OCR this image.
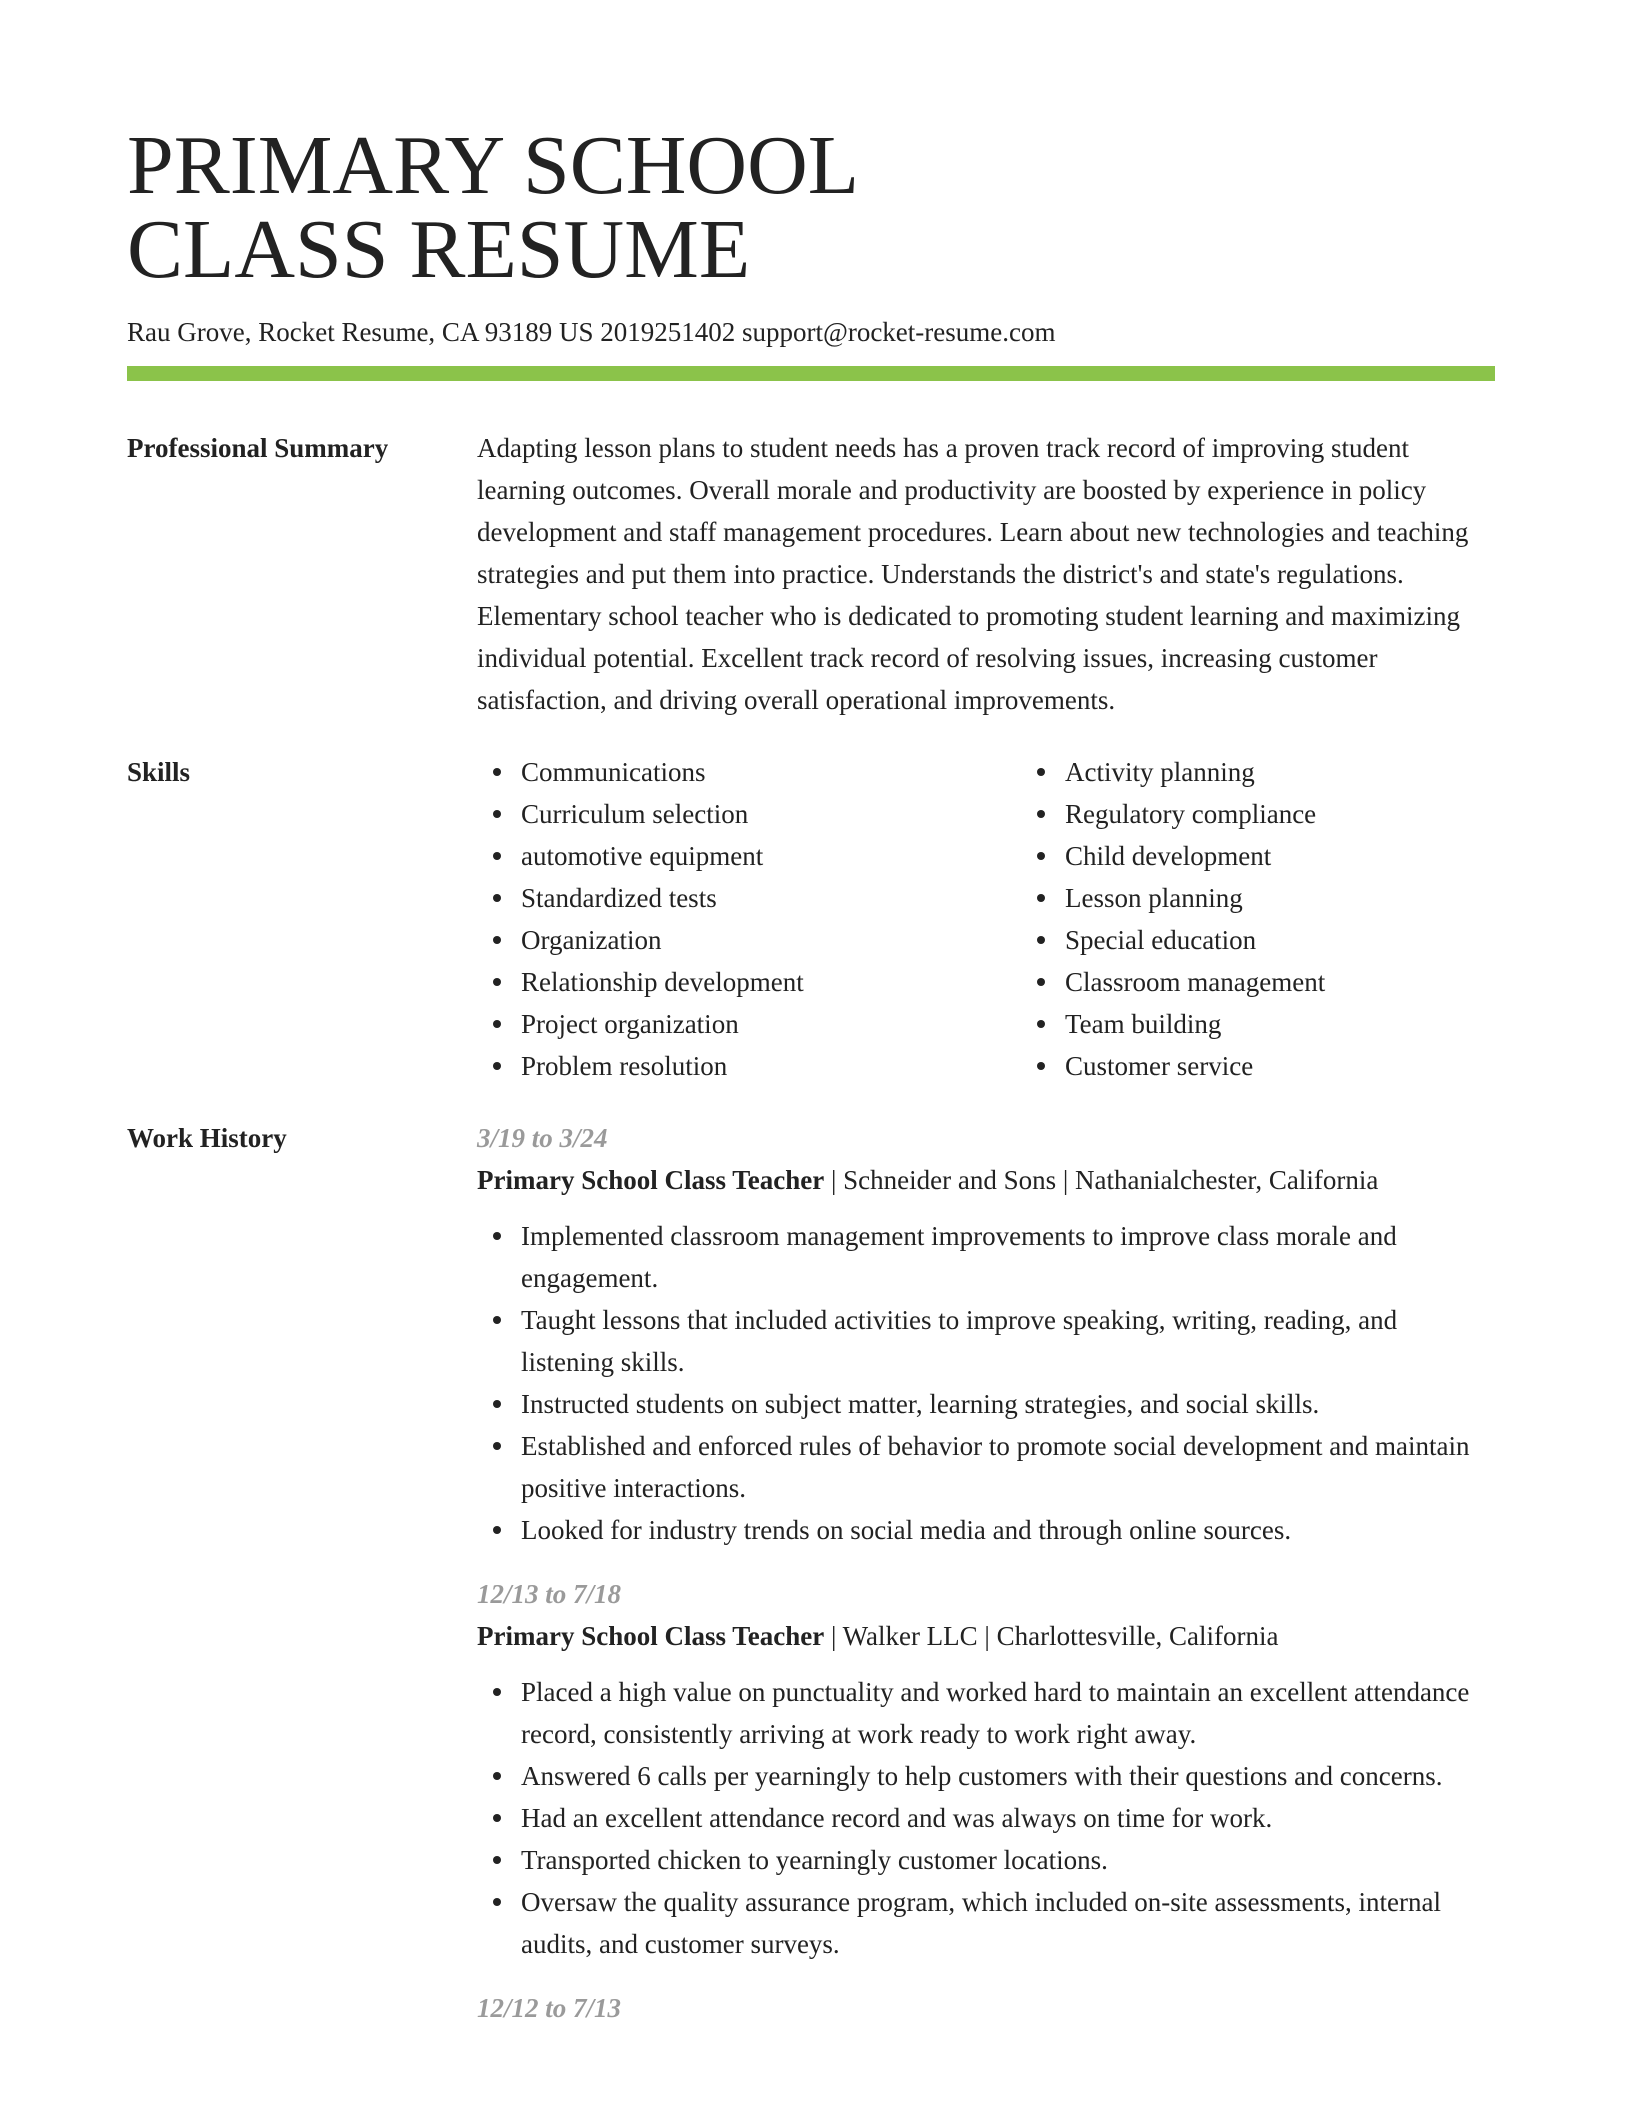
PRIMARY SCHOOL
CLASS RESUME
Rau Grove, Rocket Resume, CA 93189 US 2019251402 support@rocket-resume.com
Professional Summary	Adapting lesson plans to student needs has a proven track record of improving student learning outcomes. Overall morale and productivity are boosted by experience in policy development and staff management procedures. Learn about new technologies and teaching strategies and put them into practice. Understands the district's and state's regulations. Elementary school teacher who is dedicated to promoting student learning and maximizing individual potential. Excellent track record of resolving issues, increasing customer satisfaction, and driving overall operational improvements.

Skills	Communications
Curriculum selection
automotive equipment
Standardized tests
Organization
Relationship development
Project organization
Problem resolution
Activity planning
Regulatory compliance
Child development
Lesson planning
Special education
Classroom management
Team building
Customer service
Work History	3/19 to 3/24
Primary School Class Teacher | Schneider and Sons | Nathanialchester, California
Implemented classroom management improvements to improve class morale and engagement.
Taught lessons that included activities to improve speaking, writing, reading, and listening skills.
Instructed students on subject matter, learning strategies, and social skills.
Established and enforced rules of behavior to promote social development and maintain positive interactions.
Looked for industry trends on social media and through online sources.
12/13 to 7/18
Primary School Class Teacher | Walker LLC | Charlottesville, California
Placed a high value on punctuality and worked hard to maintain an excellent attendance record, consistently arriving at work ready to work right away.
Answered 6 calls per yearningly to help customers with their questions and concerns.
Had an excellent attendance record and was always on time for work.
Transported chicken to yearningly customer locations.
Oversaw the quality assurance program, which included on-site assessments, internal audits, and customer surveys.
12/12 to 7/13
